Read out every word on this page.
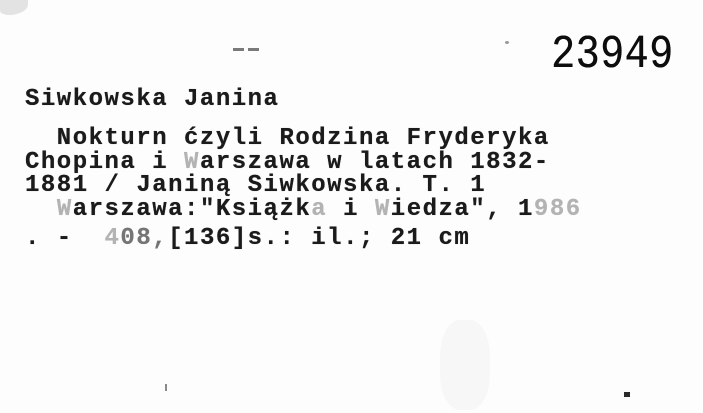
23949
Siwkowska Janina
Nokturn ćzyli Rodzina Fryderyka
Chopina i Warszawa w latach 1832-
1881 / Janiną Siwkowska. T. 1
Warszawa:"Książka i Wiedza", 1986
. -  408,[136]s.: il.; 21 cm
